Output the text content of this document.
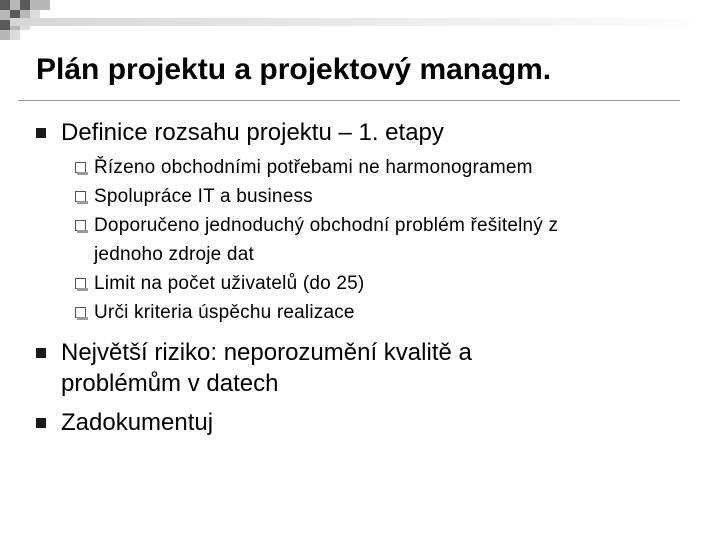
Plán projektu a projektový managm.
Definice rozsahu projektu – 1. etapy
Řízeno obchodními potřebami ne harmonogramem
Spolupráce IT a business
Doporučeno jednoduchý obchodní problém řešitelný z
jednoho zdroje dat
Limit na počet uživatelů (do 25)
Urči kriteria úspěchu realizace
Největší riziko: neporozumění kvalitě a
problémům v datech
Zadokumentuj
